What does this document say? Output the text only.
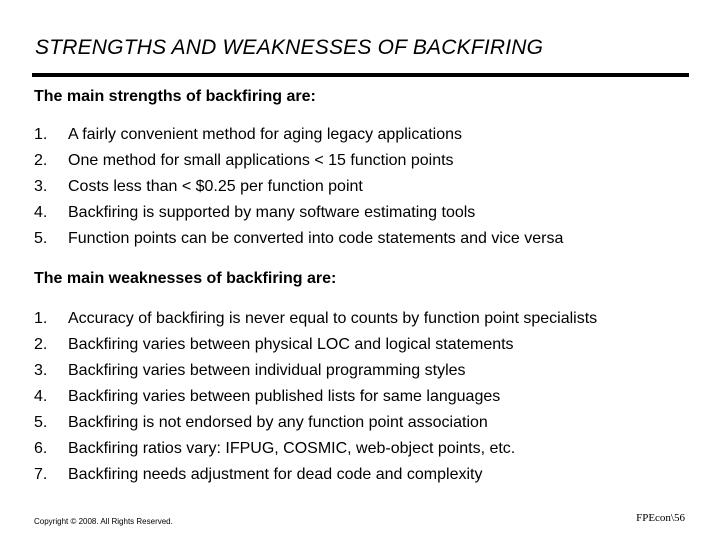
STRENGTHS AND WEAKNESSES OF BACKFIRING
The main strengths of backfiring are:
1. A fairly convenient method for aging legacy applications
2. One method for small applications < 15 function points
3. Costs less than < $0.25 per function point
4. Backfiring is supported by many software estimating tools
5. Function points can be converted into code statements and vice versa
The main weaknesses of backfiring are:
1. Accuracy of backfiring is never equal to counts by function point specialists
2. Backfiring varies between physical LOC and logical statements
3. Backfiring varies between individual programming styles
4. Backfiring varies between published lists for same languages
5. Backfiring is not endorsed by any function point association
6. Backfiring ratios vary: IFPUG, COSMIC, web-object points, etc.
7. Backfiring needs adjustment for dead code and complexity
Copyright © 2008. All Rights Reserved.	FPEcon\56
